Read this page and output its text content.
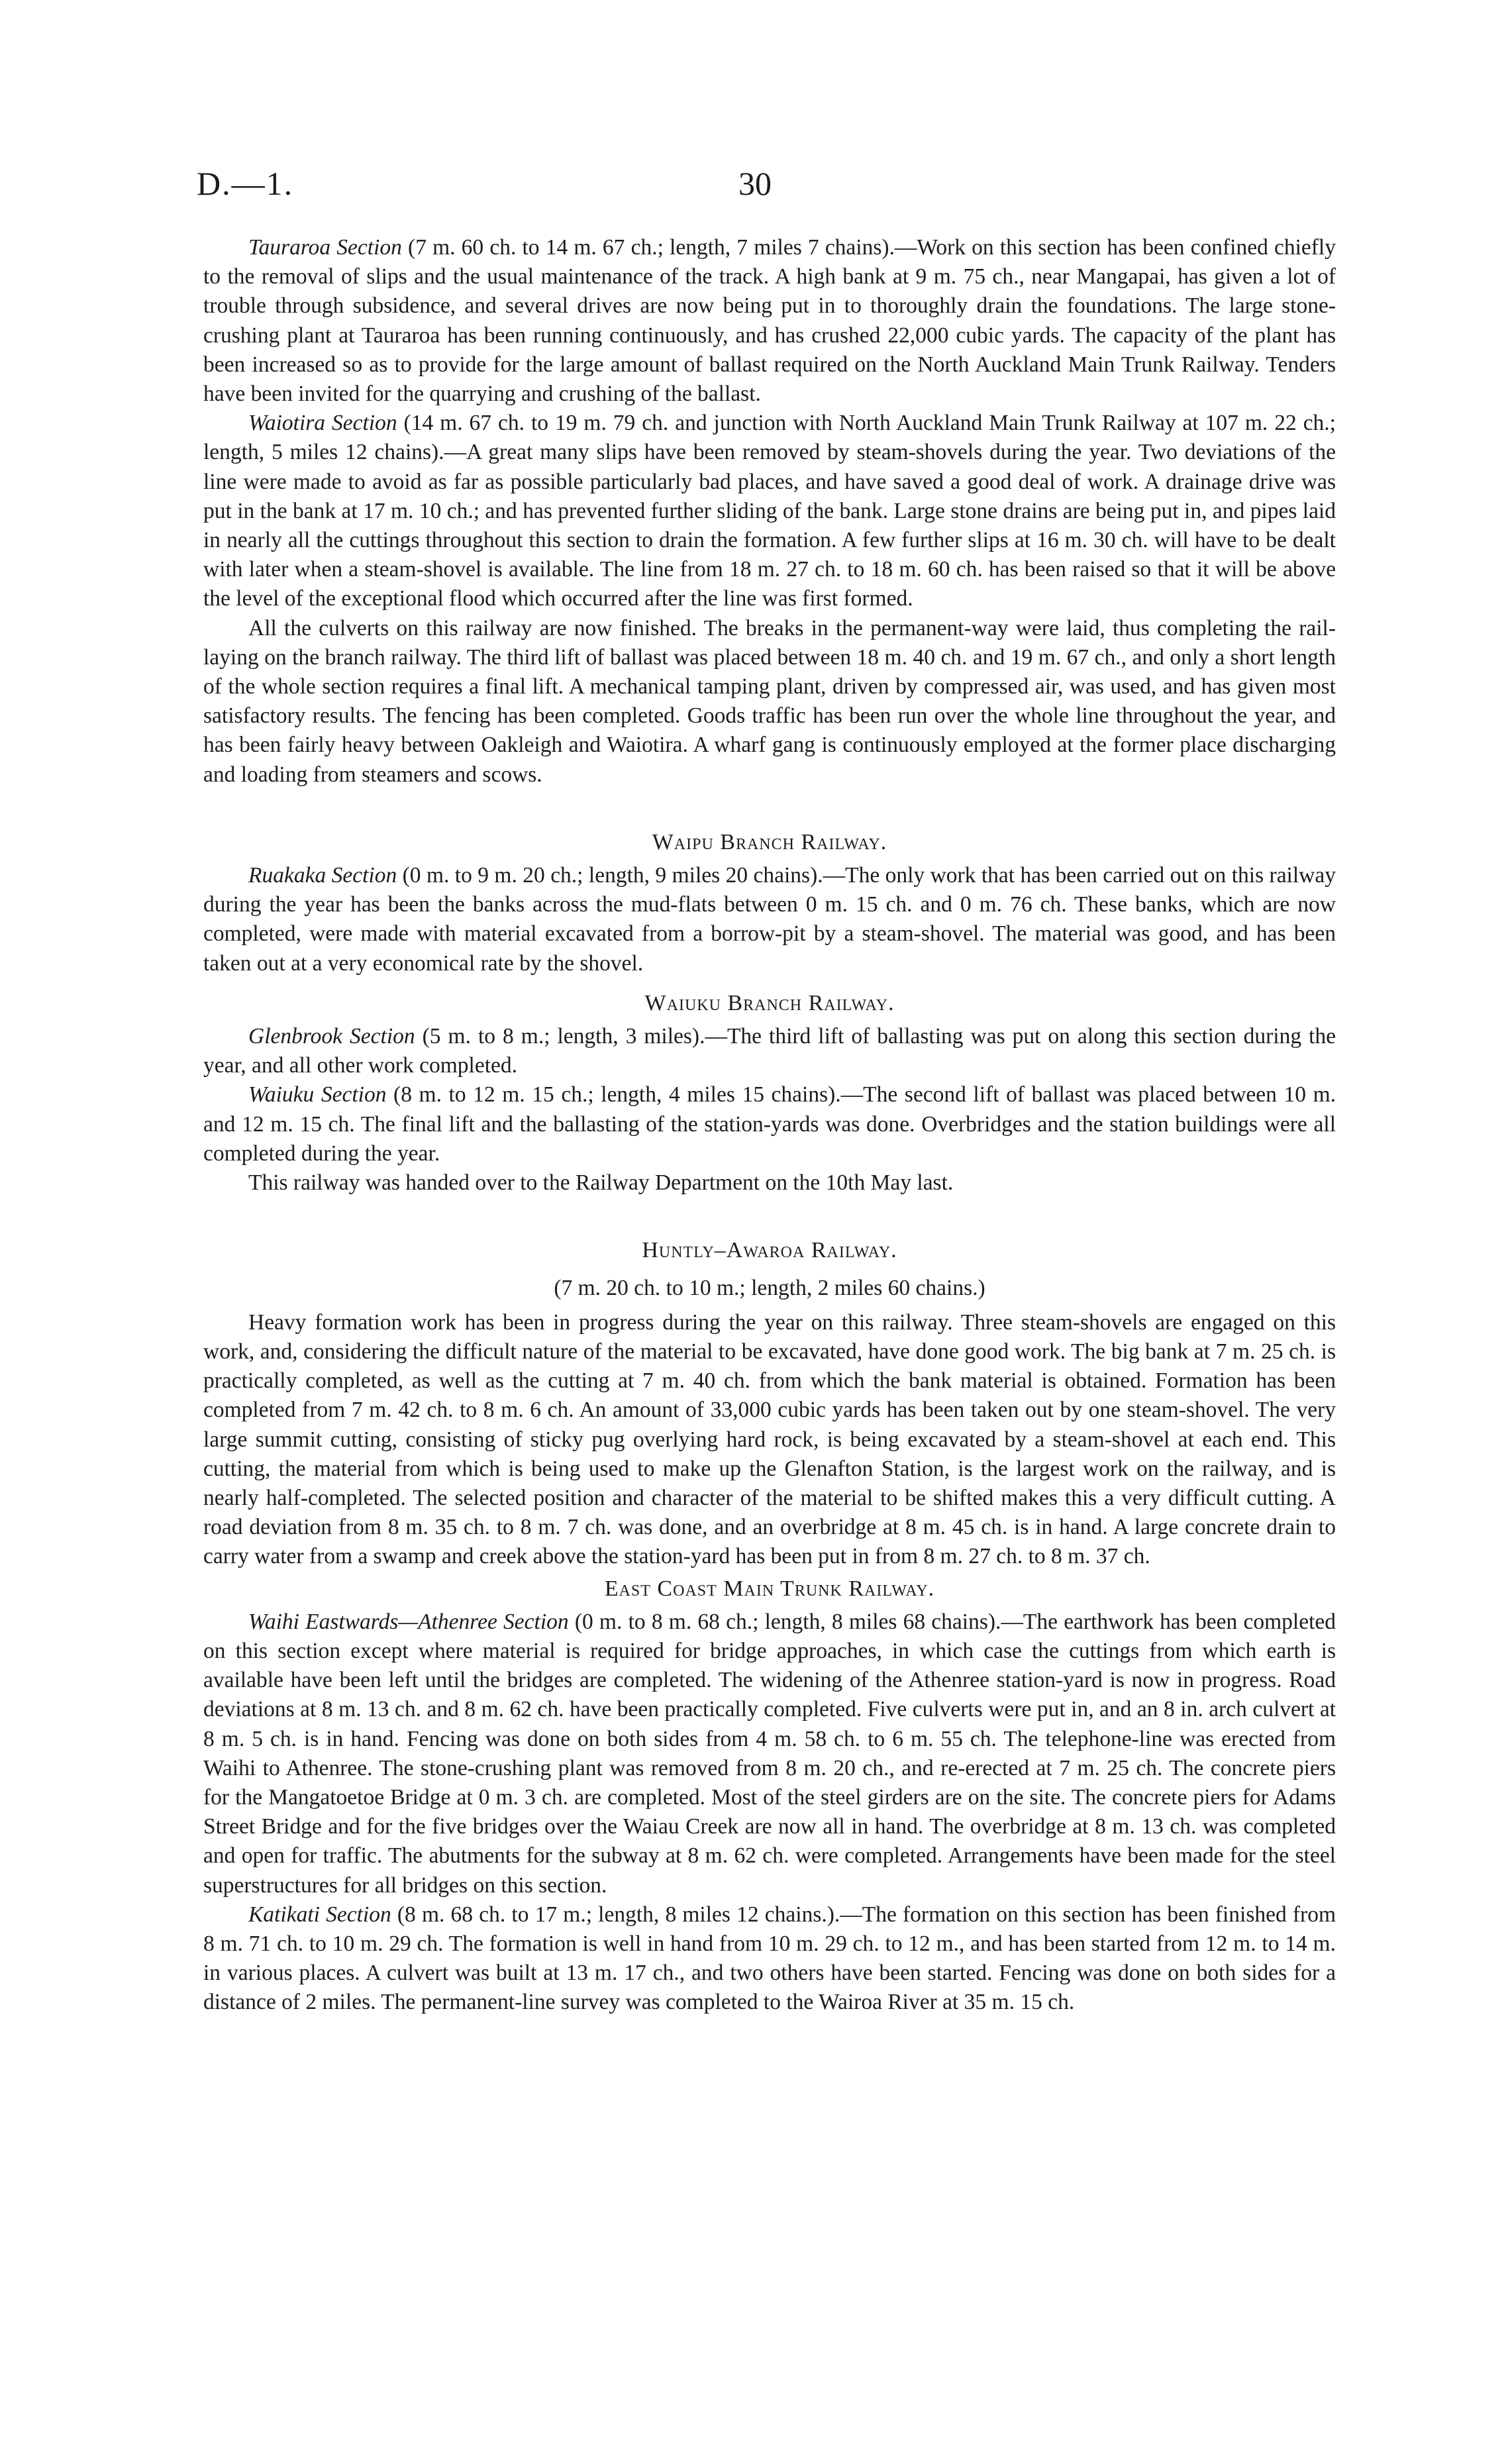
D.—1.	30

Tauraroa Section (7 m. 60 ch. to 14 m. 67 ch.; length, 7 miles 7 chains).—Work on this section has been confined chiefly to the removal of slips and the usual maintenance of the track. A high bank at 9 m. 75 ch., near Mangapai, has given a lot of trouble through subsidence, and several drives are now being put in to thoroughly drain the foundations. The large stone-crushing plant at Tauraroa has been running continuously, and has crushed 22,000 cubic yards. The capacity of the plant has been increased so as to provide for the large amount of ballast required on the North Auckland Main Trunk Railway. Tenders have been invited for the quarrying and crushing of the ballast.

Waiotira Section (14 m. 67 ch. to 19 m. 79 ch. and junction with North Auckland Main Trunk Railway at 107 m. 22 ch.; length, 5 miles 12 chains).—A great many slips have been removed by steam-shovels during the year. Two deviations of the line were made to avoid as far as possible particularly bad places, and have saved a good deal of work. A drainage drive was put in the bank at 17 m. 10 ch.; and has prevented further sliding of the bank. Large stone drains are being put in, and pipes laid in nearly all the cuttings throughout this section to drain the formation. A few further slips at 16 m. 30 ch. will have to be dealt with later when a steam-shovel is available. The line from 18 m. 27 ch. to 18 m. 60 ch. has been raised so that it will be above the level of the exceptional flood which occurred after the line was first formed.

All the culverts on this railway are now finished. The breaks in the permanent-way were laid, thus completing the rail-laying on the branch railway. The third lift of ballast was placed between 18 m. 40 ch. and 19 m. 67 ch., and only a short length of the whole section requires a final lift. A mechanical tamping plant, driven by compressed air, was used, and has given most satisfactory results. The fencing has been completed. Goods traffic has been run over the whole line throughout the year, and has been fairly heavy between Oakleigh and Waiotira. A wharf gang is continuously employed at the former place discharging and loading from steamers and scows.

Waipu Branch Railway.

Ruakaka Section (0 m. to 9 m. 20 ch.; length, 9 miles 20 chains).—The only work that has been carried out on this railway during the year has been the banks across the mud-flats between 0 m. 15 ch. and 0 m. 76 ch. These banks, which are now completed, were made with material excavated from a borrow-pit by a steam-shovel. The material was good, and has been taken out at a very economical rate by the shovel.

Waiuku Branch Railway.

Glenbrook Section (5 m. to 8 m.; length, 3 miles).—The third lift of ballasting was put on along this section during the year, and all other work completed.

Waiuku Section (8 m. to 12 m. 15 ch.; length, 4 miles 15 chains).—The second lift of ballast was placed between 10 m. and 12 m. 15 ch. The final lift and the ballasting of the station-yards was done. Overbridges and the station buildings were all completed during the year.

This railway was handed over to the Railway Department on the 10th May last.

Huntly–Awaroa Railway.
(7 m. 20 ch. to 10 m.; length, 2 miles 60 chains.)

Heavy formation work has been in progress during the year on this railway. Three steam-shovels are engaged on this work, and, considering the difficult nature of the material to be excavated, have done good work. The big bank at 7 m. 25 ch. is practically completed, as well as the cutting at 7 m. 40 ch. from which the bank material is obtained. Formation has been completed from 7 m. 42 ch. to 8 m. 6 ch. An amount of 33,000 cubic yards has been taken out by one steam-shovel. The very large summit cutting, consisting of sticky pug overlying hard rock, is being excavated by a steam-shovel at each end. This cutting, the material from which is being used to make up the Glenafton Station, is the largest work on the railway, and is nearly half-completed. The selected position and character of the material to be shifted makes this a very difficult cutting. A road deviation from 8 m. 35 ch. to 8 m. 7 ch. was done, and an overbridge at 8 m. 45 ch. is in hand. A large concrete drain to carry water from a swamp and creek above the station-yard has been put in from 8 m. 27 ch. to 8 m. 37 ch.

East Coast Main Trunk Railway.

Waihi Eastwards—Athenree Section (0 m. to 8 m. 68 ch.; length, 8 miles 68 chains).—The earthwork has been completed on this section except where material is required for bridge approaches, in which case the cuttings from which earth is available have been left until the bridges are completed. The widening of the Athenree station-yard is now in progress. Road deviations at 8 m. 13 ch. and 8 m. 62 ch. have been practically completed. Five culverts were put in, and an 8 in. arch culvert at 8 m. 5 ch. is in hand. Fencing was done on both sides from 4 m. 58 ch. to 6 m. 55 ch. The telephone-line was erected from Waihi to Athenree. The stone-crushing plant was removed from 8 m. 20 ch., and re-erected at 7 m. 25 ch. The concrete piers for the Mangatoetoe Bridge at 0 m. 3 ch. are completed. Most of the steel girders are on the site. The concrete piers for Adams Street Bridge and for the five bridges over the Waiau Creek are now all in hand. The overbridge at 8 m. 13 ch. was completed and open for traffic. The abutments for the subway at 8 m. 62 ch. were completed. Arrangements have been made for the steel superstructures for all bridges on this section.

Katikati Section (8 m. 68 ch. to 17 m.; length, 8 miles 12 chains.).—The formation on this section has been finished from 8 m. 71 ch. to 10 m. 29 ch. The formation is well in hand from 10 m. 29 ch. to 12 m., and has been started from 12 m. to 14 m. in various places. A culvert was built at 13 m. 17 ch., and two others have been started. Fencing was done on both sides for a distance of 2 miles. The permanent-line survey was completed to the Wairoa River at 35 m. 15 ch.
